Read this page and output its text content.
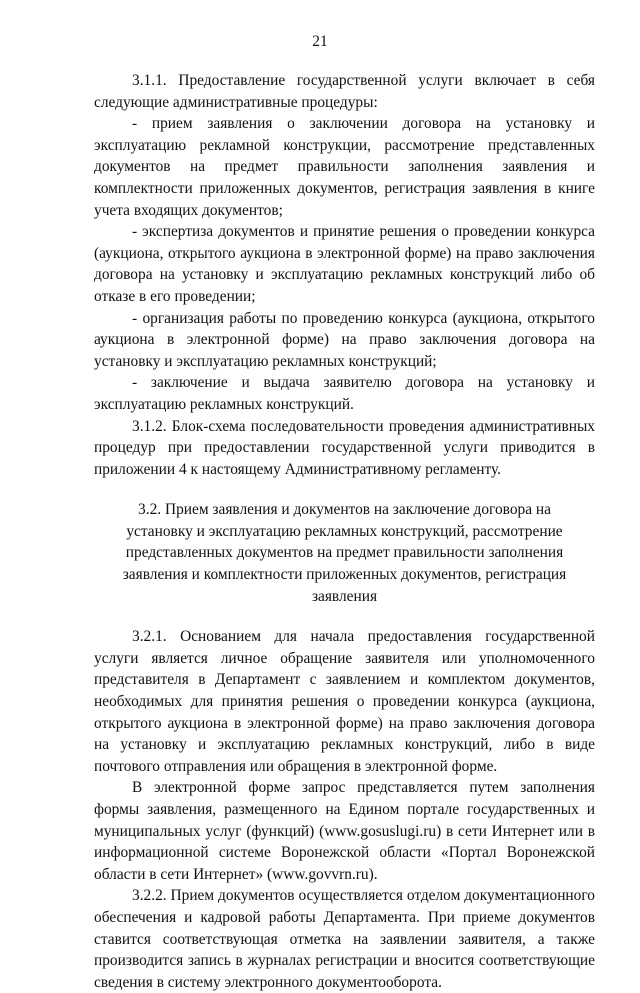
21

3.1.1. Предоставление государственной услуги включает в себя следующие административные процедуры:

- прием заявления о заключении договора на установку и эксплуатацию рекламной конструкции, рассмотрение представленных документов на предмет правильности заполнения заявления и комплектности приложенных документов, регистрация заявления в книге учета входящих документов;

- экспертиза документов и принятие решения о проведении конкурса (аукциона, открытого аукциона в электронной форме) на право заключения договора на установку и эксплуатацию рекламных конструкций либо об отказе в его проведении;

- организация работы по проведению конкурса (аукциона, открытого аукциона в электронной форме) на право заключения договора на установку и эксплуатацию рекламных конструкций;

- заключение и выдача заявителю договора на установку и эксплуатацию рекламных конструкций.

3.1.2. Блок-схема последовательности проведения административных процедур при предоставлении государственной услуги приводится в приложении 4 к настоящему Административному регламенту.

3.2. Прием заявления и документов на заключение договора на установку и эксплуатацию рекламных конструкций, рассмотрение представленных документов на предмет правильности заполнения заявления и комплектности приложенных документов, регистрация заявления

3.2.1. Основанием для начала предоставления государственной услуги является личное обращение заявителя или уполномоченного представителя в Департамент с заявлением и комплектом документов, необходимых для принятия решения о проведении конкурса (аукциона, открытого аукциона в электронной форме) на право заключения договора на установку и эксплуатацию рекламных конструкций, либо в виде почтового отправления или обращения в электронной форме.

В электронной форме запрос представляется путем заполнения формы заявления, размещенного на Едином портале государственных и муниципальных услуг (функций) (www.gosuslugi.ru) в сети Интернет или в информационной системе Воронежской области «Портал Воронежской области в сети Интернет» (www.govvrn.ru).

3.2.2. Прием документов осуществляется отделом документационного обеспечения и кадровой работы Департамента. При приеме документов ставится соответствующая отметка на заявлении заявителя, а также производится запись в журналах регистрации и вносится соответствующие сведения в систему электронного документооборота.
